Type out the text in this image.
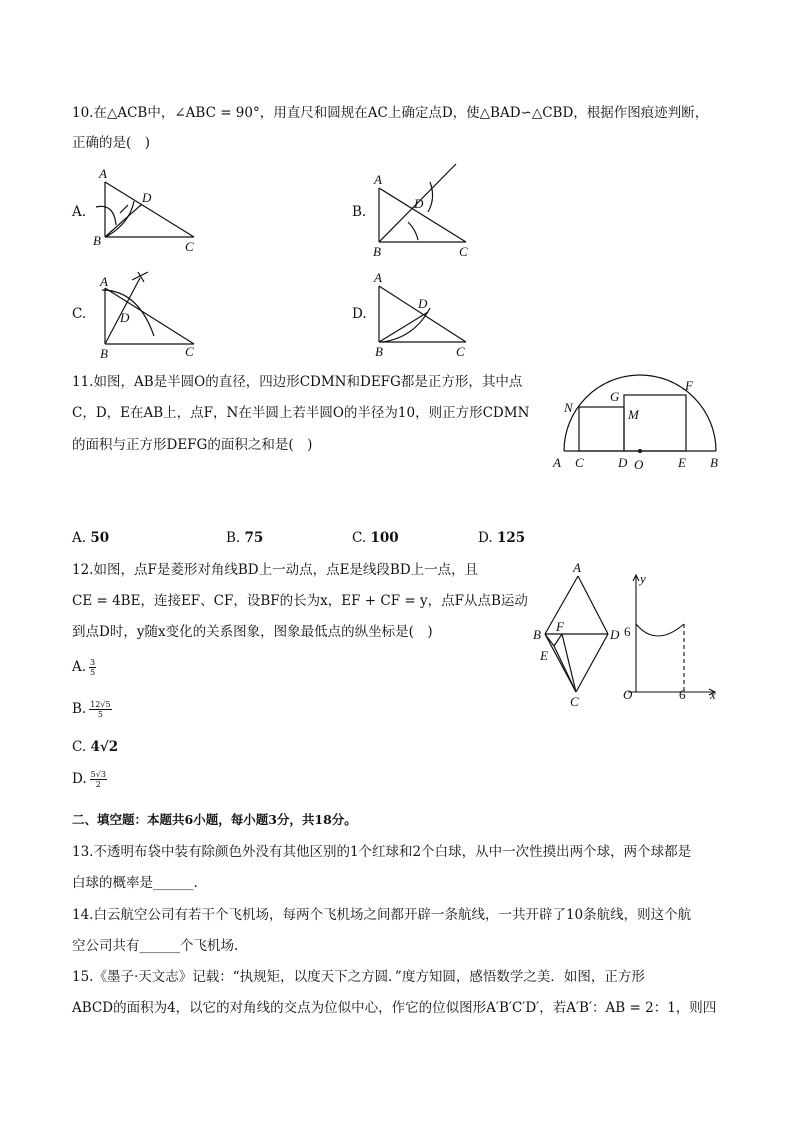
10.在△ACB中，∠ABC = 90°，用直尺和圆规在AC上确定点D，使△BAD∽△CBD，根据作图痕迹判断，
正确的是(　)
A.
A
D
B	C
B.
A
D
B	C
C.
A
D
B	C
D.
A
D
B	C
11.如图，AB是半圆O的直径，四边形CDMN和DEFG都是正方形，其中点
C，D，E在AB上，点F，N在半圆上若半圆O的半径为10，则正方形CDMN
的面积与正方形DEFG的面积之和是(　)
N
G
F
M
A C	D O	E B
A. 50	B. 75	C. 100	D. 125
12.如图，点F是菱形对角线BD上一动点，点E是线段BD上一点，且
CE = 4BE，连接EF、CF，设BF的长为x，EF + CF = y，点F从点B运动
到点D时，y随x变化的关系图象，图象最低点的纵坐标是(　)
A
B
F
D
E
C
y
6
O	6 x
A. $\frac{3}{5}$
B. $\frac{12√5}{5}$
C. 4√2
D. $\frac{5√3}{2}$
二、填空题：本题共6小题，每小题3分，共18分。
13.不透明布袋中装有除颜色外没有其他区别的1个红球和2个白球，从中一次性摸出两个球，两个球都是
白球的概率是______.
14.白云航空公司有若干个飞机场，每两个飞机场之间都开辟一条航线，一共开辟了10条航线，则这个航
空公司共有______个飞机场.
15.《墨子·天文志》记载：“执规矩，以度天下之方圆．”度方知圆，感悟数学之美．如图，正方形
ABCD的面积为4，以它的对角线的交点为位似中心，作它的位似图形A′B′C′D′，若A′B′：AB = 2：1，则四
